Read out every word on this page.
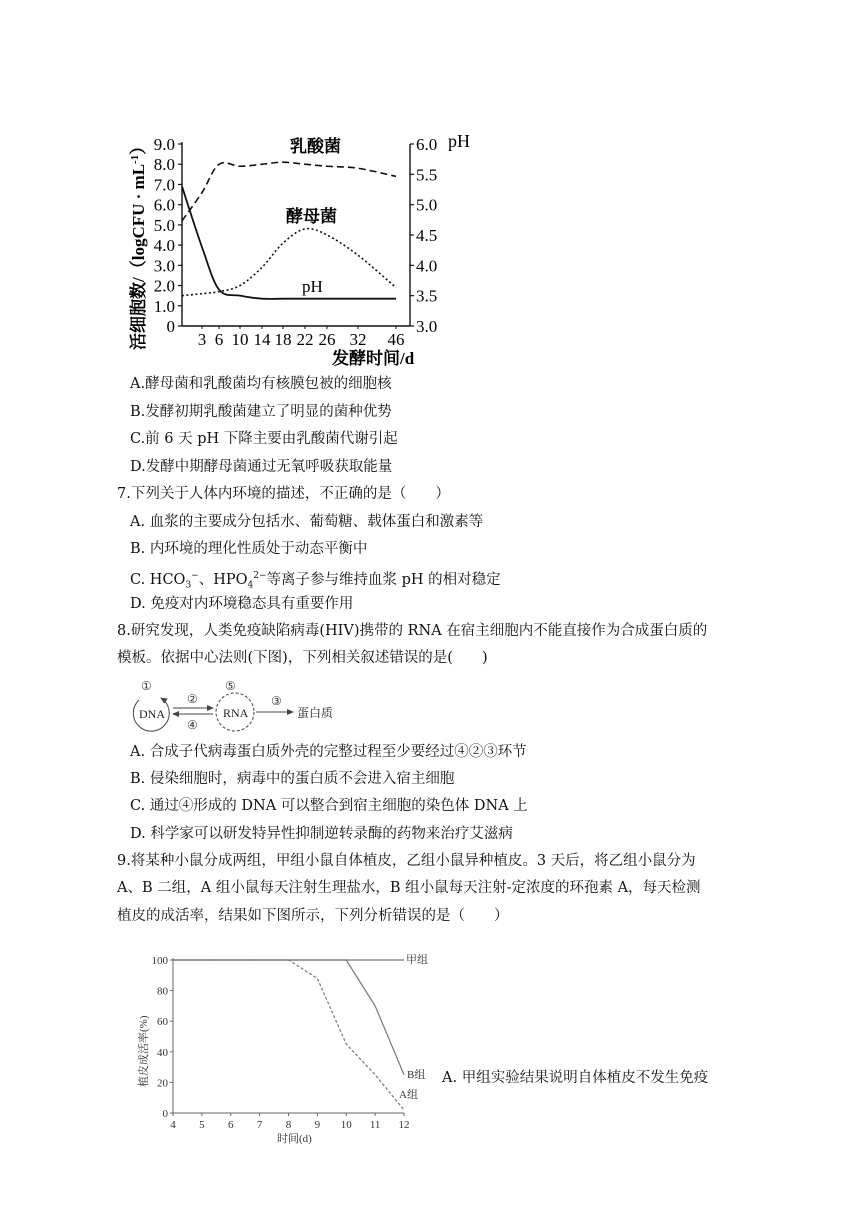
0
1.0
2.0
3.0
4.0
5.0
6.0
7.0
8.0
9.0
3.0
3.5
4.0
4.5
5.0
5.5
6.0
3 6 10 14 18 22 26 32 46
活细胞数/（logCFU · $mL^{-1}$）	pH
发酵时间/d
乳酸菌
酵母菌
pH
A.酵母菌和乳酸菌均有核膜包被的细胞核
B.发酵初期乳酸菌建立了明显的菌种优势
C.前 6 天 pH 下降主要由乳酸菌代谢引起
D.发酵中期酵母菌通过无氧呼吸获取能量
7.下列关于人体内环境的描述，不正确的是（　　）
A. 血浆的主要成分包括水、葡萄糖、载体蛋白和激素等
B. 内环境的理化性质处于动态平衡中
C. $HCO_3^-$、$HPO_4^{2-}$等离子参与维持血浆 pH 的相对稳定
D. 免疫对内环境稳态具有重要作用
8.研究发现，人类免疫缺陷病毒(HIV)携带的 RNA 在宿主细胞内不能直接作为合成蛋白质的
模板。依据中心法则(下图)，下列相关叙述错误的是(　　)
①
DNA
②
④
⑤
RNA
③
蛋白质
A. 合成子代病毒蛋白质外壳的完整过程至少要经过④②③环节
B. 侵染细胞时，病毒中的蛋白质不会进入宿主细胞
C. 通过④形成的 DNA 可以整合到宿主细胞的染色体 DNA 上
D. 科学家可以研发特异性抑制逆转录酶的药物来治疗艾滋病
9.将某种小鼠分成两组，甲组小鼠自体植皮，乙组小鼠异种植皮。3 天后，将乙组小鼠分为
A、B 二组，A 组小鼠每天注射生理盐水，B 组小鼠每天注射-定浓度的环孢素 A，每天检测
植皮的成活率，结果如下图所示，下列分析错误的是（　　）
0
20
40
60
80
100
4 5 6 7 8 9 10 11 12
植皮成活率(%)
时间(d)
甲组
B组
A组
A. 甲组实验结果说明自体植皮不发生免疫
